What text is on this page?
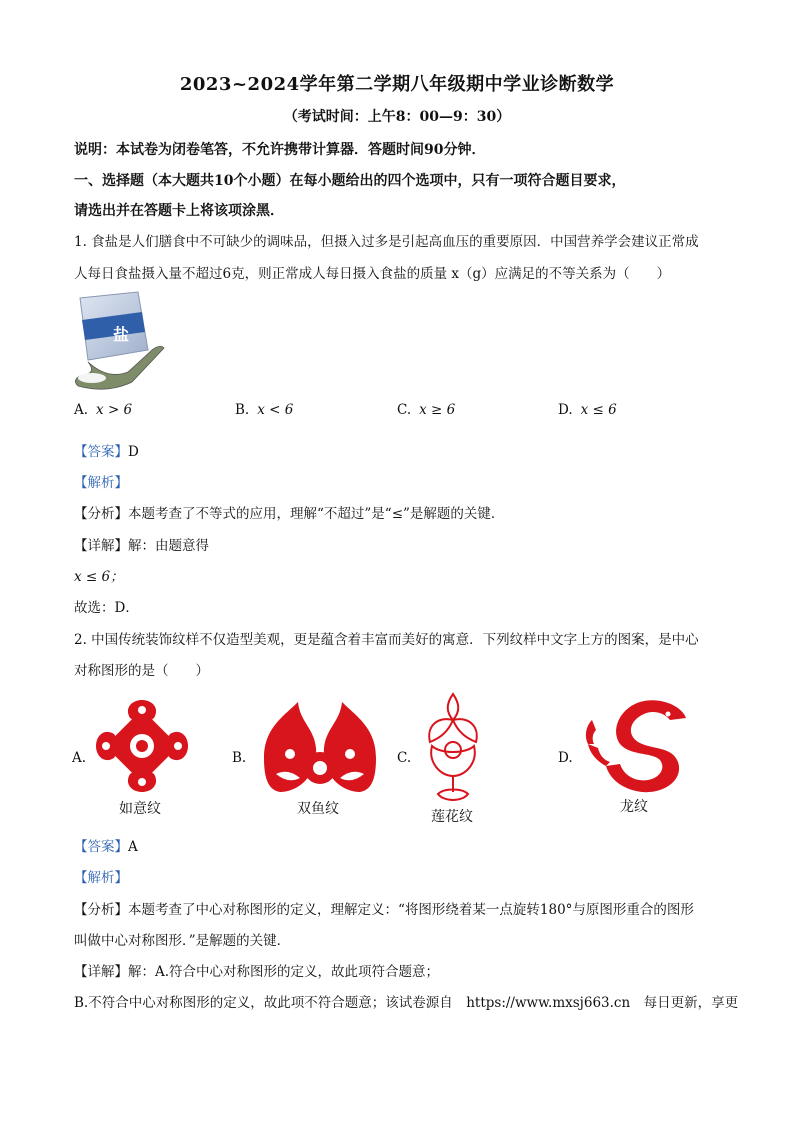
2023~2024学年第二学期八年级期中学业诊断数学
（考试时间：上午8：00—9：30）
说明：本试卷为闭卷笔答，不允许携带计算器．答题时间90分钟．
一、选择题（本大题共10个小题）在每小题给出的四个选项中，只有一项符合题目要求，
请选出并在答题卡上将该项涂黑．
1. 食盐是人们膳食中不可缺少的调味品，但摄入过多是引起高血压的重要原因．中国营养学会建议正常成
人每日食盐摄入量不超过6克，则正常成人每日摄入食盐的质量 x（g）应满足的不等关系为（　　）
盐
A. x > 6	B. x < 6	C. x ≥ 6	D. x ≤ 6
【答案】D
【解析】
【分析】本题考查了不等式的应用，理解“不超过”是“≤”是解题的关键．
【详解】解：由题意得
x ≤ 6；
故选：D．
2. 中国传统装饰纹样不仅造型美观，更是蕴含着丰富而美好的寓意．下列纹样中文字上方的图案，是中心
对称图形的是（　　）
A.
如意纹
B.
双鱼纹
C.
莲花纹
D.
龙纹
【答案】A
【解析】
【分析】本题考查了中心对称图形的定义，理解定义：“将图形绕着某一点旋转180°与原图形重合的图形
叫做中心对称图形．”是解题的关键．
【详解】解：A.符合中心对称图形的定义，故此项符合题意；
B.不符合中心对称图形的定义，故此项不符合题意；该试卷源自　https://www.mxsj663.cn　每日更新，享更
